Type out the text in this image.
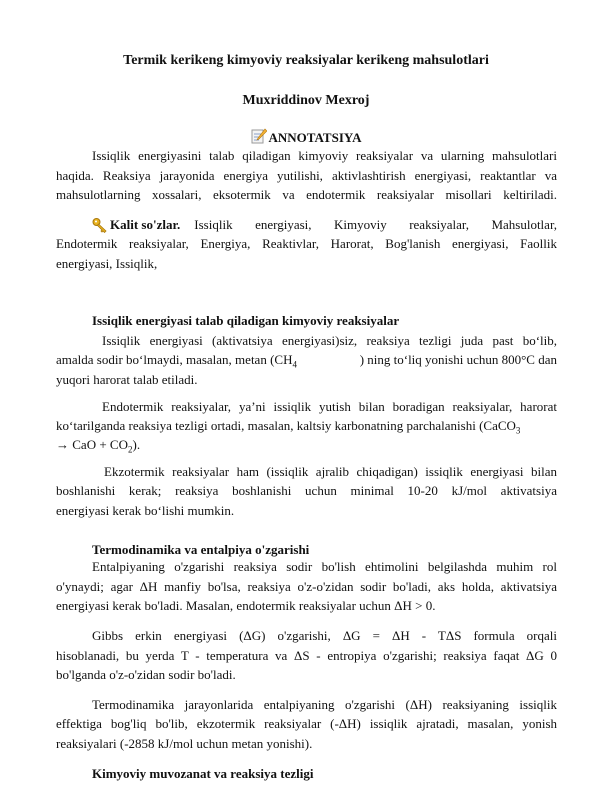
Termik kerikeng kimyoviy reaksiyalar kerikeng mahsulotlari
Muxriddinov Mexroj
ANNOTATSIYA
Issiqlik energiyasini talab qiladigan kimyoviy reaksiyalar va ularning mahsulotlari
haqida. Reaksiya jarayonida energiya yutilishi, aktivlashtirish energiyasi, reaktantlar va
mahsulotlarning xossalari, eksotermik va endotermik reaksiyalar misollari keltiriladi.
Kalit so'zlar. Issiqlik energiyasi, Kimyoviy reaksiyalar, Mahsulotlar,
Endotermik reaksiyalar, Energiya, Reaktivlar, Harorat, Bog'lanish energiyasi, Faollik
energiyasi, Issiqlik,
Issiqlik energiyasi talab qiladigan kimyoviy reaksiyalar
Issiqlik energiyasi (aktivatsiya energiyasi)siz, reaksiya tezligi juda past bo‘lib,
amalda sodir bo‘lmaydi, masalan, metan ($CH_4$	) ning to‘liq yonishi uchun 800°C dan
yuqori harorat talab etiladi.
Endotermik reaksiyalar, ya’ni issiqlik yutish bilan boradigan reaksiyalar, harorat
ko‘tarilganda reaksiya tezligi ortadi, masalan, kaltsiy karbonatning parchalanishi (CaCO$_3$
→ CaO + $CO_2$).
Ekzotermik reaksiyalar ham (issiqlik ajralib chiqadigan) issiqlik energiyasi bilan
boshlanishi kerak; reaksiya boshlanishi uchun minimal 10-20 kJ/mol aktivatsiya
energiyasi kerak bo‘lishi mumkin.
Termodinamika va entalpiya o'zgarishi
Entalpiyaning o'zgarishi reaksiya sodir bo'lish ehtimolini belgilashda muhim rol
o'ynaydi; agar ΔH manfiy bo'lsa, reaksiya o'z-o'zidan sodir bo'ladi, aks holda, aktivatsiya
energiyasi kerak bo'ladi. Masalan, endotermik reaksiyalar uchun ΔH > 0.
Gibbs erkin energiyasi (ΔG) o'zgarishi, ΔG = ΔH - TΔS formula orqali
hisoblanadi, bu yerda T - temperatura va ΔS - entropiya o'zgarishi; reaksiya faqat ΔG 0
bo'lganda o'z-o'zidan sodir bo'ladi.
Termodinamika jarayonlarida entalpiyaning o'zgarishi (ΔH) reaksiyaning issiqlik
effektiga bog'liq bo'lib, ekzotermik reaksiyalar (-ΔH) issiqlik ajratadi, masalan, yonish
reaksiyalari (-2858 kJ/mol uchun metan yonishi).
Kimyoviy muvozanat va reaksiya tezligi
